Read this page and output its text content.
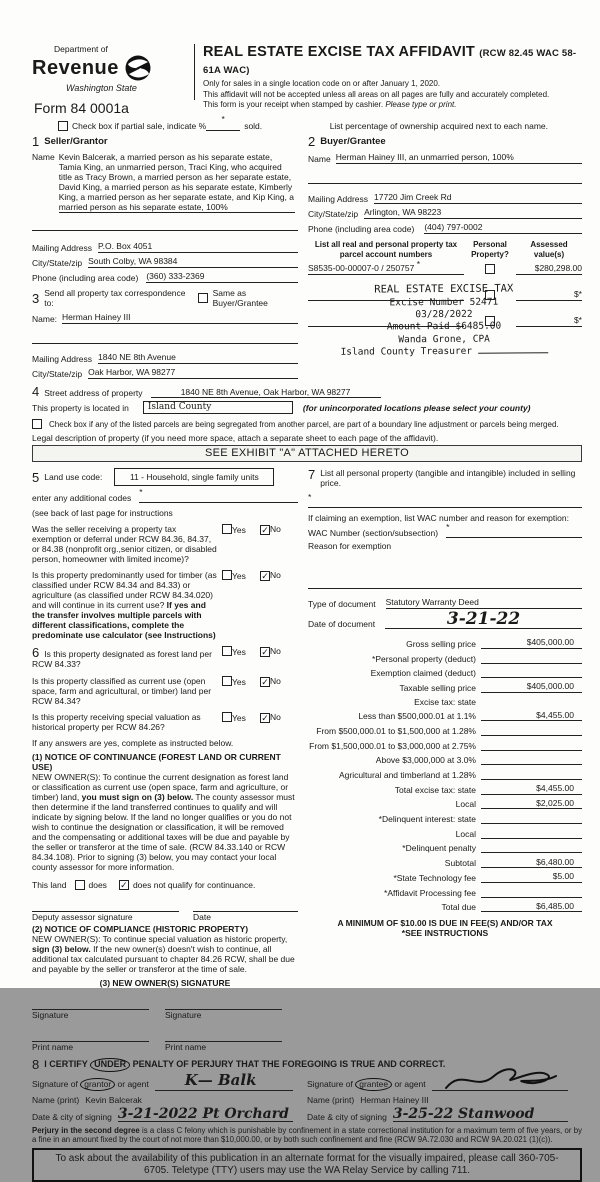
Department of
Revenue
Washington State
Form 84 0001a
REAL ESTATE EXCISE TAX AFFIDAVIT (RCW 82.45 WAC 58-61A WAC)
Only for sales in a single location code on or after January 1, 2020.
This affidavit will not be accepted unless all areas on all pages are fully and accurately completed.
This form is your receipt when stamped by cashier. Please type or print.
Check box if partial sale, indicate %
*
sold.	List percentage of ownership acquired next to each name.
1 Seller/Grantor
Name Kevin Balcerak, a married person as his separate estate, Tamia King, an unmarried person, Traci King, who acquired title as Tracy Brown, a married person as her separate estate, David King, a married person as his separate estate, Kimberly King, a married person as her separate estate, and Kip King, a married person as his separate estate, 100%
Mailing Address P.O. Box 4051
City/State/zip South Colby, WA 98384
Phone (including area code) (360) 333-2369
3 Send all property tax correspondence to:
Same as Buyer/Grantee
Name: Herman Hainey III
Mailing Address 1840 NE 8th Avenue
City/State/zip Oak Harbor, WA 98277
2 Buyer/Grantee
Name Herman Hainey III, an unmarried person, 100%
Mailing Address 17720 Jim Creek Rd
City/State/zip Arlington, WA 98223
Phone (including area code) (404) 797-0002
List all real and personal property tax parcel account numbers
Personal Property?
Assessed value(s)
S8535-00-00007-0 / 250757 *	$280,298.00
$*
$*
REAL ESTATE EXCISE TAX
Excise Number 52471
03/28/2022
Amount Paid $6485.00
Wanda Grone, CPA
Island County Treasurer
4 Street address of property	1840 NE 8th Avenue, Oak Harbor, WA 98277
This property is located in	Island County	(for unincorporated locations please select your county)
Check box if any of the listed parcels are being segregated from another parcel, are part of a boundary line adjustment or parcels being merged.
Legal description of property (if you need more space, attach a separate sheet to each page of the affidavit).
SEE EXHIBIT "A" ATTACHED HERETO
5 Land use code:	11 - Household, single family units
enter any additional codes
*
(see back of last page for instructions
Was the seller receiving a property tax exemption or deferral under RCW 84.36, 84.37, or 84.38 (nonprofit org.,senior citizen, or disabled person, homeowner with limited income)?
Yes	✓No
Is this property predominantly used for timber (as classified under RCW 84.34 and 84.33) or agriculture (as classified under RCW 84.34.020) and will continue in its current use? If yes and the transfer involves multiple parcels with different classifications, complete the predominate use calculator (see Instructions)
Yes	✓No
6 Is this property designated as forest land per RCW 84.33?
Yes	✓No
Is this property classified as current use (open space, farm and agricultural, or timber) land per RCW 84.34?
Yes	✓No
Is this property receiving special valuation as historical property per RCW 84.26?
Yes	✓No
If any answers are yes, complete as instructed below.
(1) NOTICE OF CONTINUANCE (FOREST LAND OR CURRENT USE)
NEW OWNER(S): To continue the current designation as forest land or classification as current use (open space, farm and agriculture, or timber) land, you must sign on (3) below. The county assessor must then determine if the land transferred continues to qualify and will indicate by signing below. If the land no longer qualifies or you do not wish to continue the designation or classification, it will be removed and the compensating or additional taxes will be due and payable by the seller or transferor at the time of sale. (RCW 84.33.140 or RCW 84.34.108). Prior to signing (3) below, you may contact your local county assessor for more information.
This land	does ✓ does not qualify for continuance.
Deputy assessor signature	Date
(2) NOTICE OF COMPLIANCE (HISTORIC PROPERTY)
NEW OWNER(S): To continue special valuation as historic property, sign (3) below. If the new owner(s) doesn't wish to continue, all additional tax calculated pursuant to chapter 84.26 RCW, shall be due and payable by the seller or transferor at the time of sale.
(3) NEW OWNER(S) SIGNATURE
Signature	Signature
Print name	Print name
7 List all personal property (tangible and intangible) included in selling price.
*
If claiming an exemption, list WAC number and reason for exemption:
WAC Number (section/subsection)
*
Reason for exemption
Type of document Statutory Warranty Deed
Date of document	3-21-22
Gross selling price	$405,000.00
*Personal property (deduct)
Exemption claimed (deduct)
Taxable selling price	$405,000.00
Excise tax: state
Less than $500,000.01 at 1.1%	$4,455.00
From $500,000.01 to $1,500,000 at 1.28%
From $1,500,000.01 to $3,000,000 at 2.75%
Above $3,000,000 at 3.0%
Agricultural and timberland at 1.28%
Total excise tax: state	$4,455.00
Local	$2,025.00
*Delinquent interest: state
Local
*Delinquent penalty
Subtotal	$6,480.00
*State Technology fee	$5.00
*Affidavit Processing fee
Total due	$6,485.00
A MINIMUM OF $10.00 IS DUE IN FEE(S) AND/OR TAX
*SEE INSTRUCTIONS
8 I CERTIFY UNDER PENALTY OF PERJURY THAT THE FOREGOING IS TRUE AND CORRECT.
Signature of grantor or agent K— Balk
Name (print) Kevin Balcerak
Date & city of signing 3-21-2022 Pt Orchard
Signature of grantee or agent
Name (print) Herman Hainey III
Date & city of signing 3-25-22 Stanwood
Perjury in the second degree is a class C felony which is punishable by confinement in a state correctional institution for a maximum term of five years, or by a fine in an amount fixed by the court of not more than $10,000.00, or by both such confinement and fine (RCW 9A.72.030 and RCW 9A.20.021 (1)(c)).
To ask about the availability of this publication in an alternate format for the visually impaired, please call 360-705-6705. Teletype (TTY) users may use the WA Relay Service by calling 711.
